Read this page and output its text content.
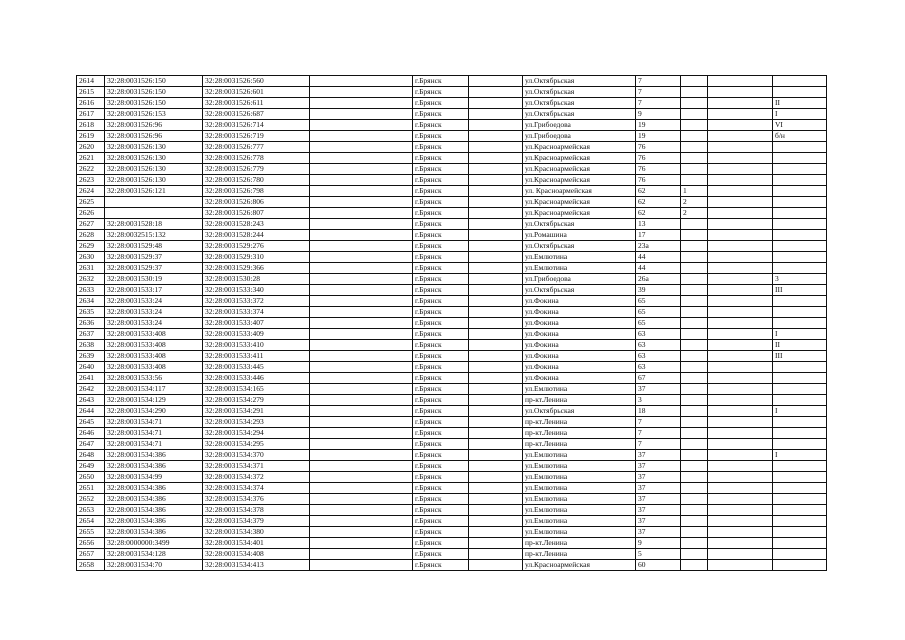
2614	32:28:0031526:150	32:28:0031526:560		г.Брянск		ул.Октябрьская	7			
2615	32:28:0031526:150	32:28:0031526:601		г.Брянск		ул.Октябрьская	7			
2616	32:28:0031526:150	32:28:0031526:611		г.Брянск		ул.Октябрьская	7			II
2617	32:28:0031526:153	32:28:0031526:687		г.Брянск		ул.Октябрьская	9			I
2618	32:28:0031526:96	32:28:0031526:714		г.Брянск		ул.Грибоедова	19			VI
2619	32:28:0031526:96	32:28:0031526:719		г.Брянск		ул.Грибоедова	19			б/н
2620	32:28:0031526:130	32:28:0031526:777		г.Брянск		ул.Красноармейская	76			
2621	32:28:0031526:130	32:28:0031526:778		г.Брянск		ул.Красноармейская	76			
2622	32:28:0031526:130	32:28:0031526:779		г.Брянск		ул.Красноармейская	76			
2623	32:28:0031526:130	32:28:0031526:780		г.Брянск		ул.Красноармейская	76			
2624	32:28:0031526:121	32:28:0031526:798		г.Брянск		ул. Красноармейская	62	1		
2625		32:28:0031526:806		г.Брянск		ул.Красноармейская	62	2		
2626		32:28:0031526:807		г.Брянск		ул.Красноармейская	62	2		
2627	32:28:0031528:18	32:28:0031528:243		г.Брянск		ул.Октябрьская	13			
2628	32:28:0032515:132	32:28:0031528:244		г.Брянск		ул.Ромашина	17			
2629	32:28:0031529:48	32:28:0031529:276		г.Брянск		ул.Октябрьская	23а			
2630	32:28:0031529:37	32:28:0031529:310		г.Брянск		ул.Емлютина	44			
2631	32:28:0031529:37	32:28:0031529:366		г.Брянск		ул.Емлютина	44			
2632	32:28:0031530:19	32:28:0031530:28		г.Брянск		ул.Грибоедова	26а			3
2633	32:28:0031533:17	32:28:0031533:340		г.Брянск		ул.Октябрьская	39			III
2634	32:28:0031533:24	32:28:0031533:372		г.Брянск		ул.Фокина	65			
2635	32:28:0031533:24	32:28:0031533:374		г.Брянск		ул.Фокина	65			
2636	32:28:0031533:24	32:28:0031533:407		г.Брянск		ул.Фокина	65			
2637	32:28:0031533:408	32:28:0031533:409		г.Брянск		ул.Фокина	63			I
2638	32:28:0031533:408	32:28:0031533:410		г.Брянск		ул.Фокина	63			II
2639	32:28:0031533:408	32:28:0031533:411		г.Брянск		ул.Фокина	63			III
2640	32:28:0031533:408	32:28:0031533:445		г.Брянск		ул.Фокина	63			
2641	32:28:0031533:56	32:28:0031533:446		г.Брянск		ул.Фокина	67			
2642	32:28:0031534:117	32:28:0031534:165		г.Брянск		ул.Емлютина	37			
2643	32:28:0031534:129	32:28:0031534:279		г.Брянск		пр-кт.Ленина	3			
2644	32:28:0031534:290	32:28:0031534:291		г.Брянск		ул.Октябрьская	18			I
2645	32:28:0031534:71	32:28:0031534:293		г.Брянск		пр-кт.Ленина	7			
2646	32:28:0031534:71	32:28:0031534:294		г.Брянск		пр-кт.Ленина	7			
2647	32:28:0031534:71	32:28:0031534:295		г.Брянск		пр-кт.Ленина	7			
2648	32:28:0031534:386	32:28:0031534:370		г.Брянск		ул.Емлютина	37			I
2649	32:28:0031534:386	32:28:0031534:371		г.Брянск		ул.Емлютина	37			
2650	32:28:0031534:99	32:28:0031534:372		г.Брянск		ул.Емлютина	37			
2651	32:28:0031534:386	32:28:0031534:374		г.Брянск		ул.Емлютина	37			
2652	32:28:0031534:386	32:28:0031534:376		г.Брянск		ул.Емлютина	37			
2653	32:28:0031534:386	32:28:0031534:378		г.Брянск		ул.Емлютина	37			
2654	32:28:0031534:386	32:28:0031534:379		г.Брянск		ул.Емлютина	37			
2655	32:28:0031534:386	32:28:0031534:380		г.Брянск		ул.Емлютина	37			
2656	32:28:0000000:3499	32:28:0031534:401		г.Брянск		пр-кт.Ленина	9			
2657	32:28:0031534:128	32:28:0031534:408		г.Брянск		пр-кт.Ленина	5			
2658	32:28:0031534:70	32:28:0031534:413		г.Брянск		ул.Красноармейская	60			
